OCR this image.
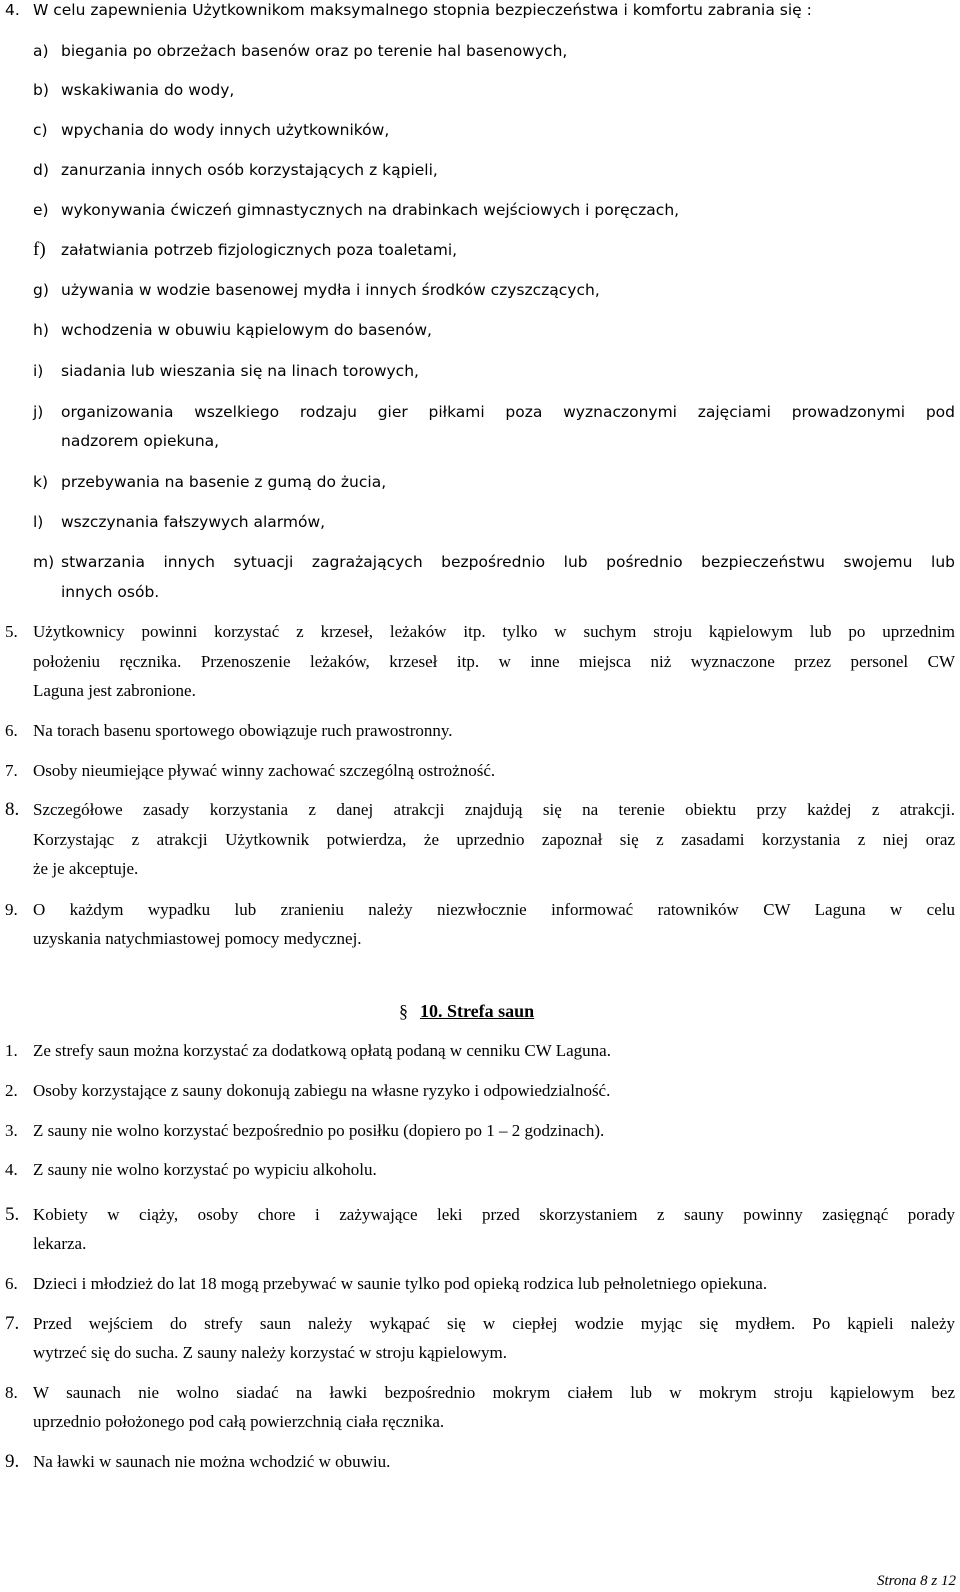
4. W celu zapewnienia Użytkownikom maksymalnego stopnia bezpieczeństwa i komfortu zabrania się :
a) biegania po obrzeżach basenów oraz po terenie hal basenowych,
b) wskakiwania do wody,
c) wpychania do wody innych użytkowników,
d) zanurzania innych osób korzystających z kąpieli,
e) wykonywania ćwiczeń gimnastycznych na drabinkach wejściowych i poręczach,
f) załatwiania potrzeb fizjologicznych poza toaletami,
g) używania w wodzie basenowej mydła i innych środków czyszczących,
h) wchodzenia w obuwiu kąpielowym do basenów,
i) siadania lub wieszania się na linach torowych,
j) organizowania wszelkiego rodzaju gier piłkami poza wyznaczonymi zajęciami prowadzonymi pod
nadzorem opiekuna,
k) przebywania na basenie z gumą do żucia,
l) wszczynania fałszywych alarmów,
m) stwarzania innych sytuacji zagrażających bezpośrednio lub pośrednio bezpieczeństwu swojemu lub
innych osób.
5. Użytkownicy powinni korzystać z krzeseł, leżaków itp. tylko w suchym stroju kąpielowym lub po uprzednim
położeniu ręcznika. Przenoszenie leżaków, krzeseł itp. w inne miejsca niż wyznaczone przez personel CW
Laguna jest zabronione.
6. Na torach basenu sportowego obowiązuje ruch prawostronny.
7. Osoby nieumiejące pływać winny zachować szczególną ostrożność.
8. Szczegółowe zasady korzystania z danej atrakcji znajdują się na terenie obiektu przy każdej z atrakcji.
Korzystając z atrakcji Użytkownik potwierdza, że uprzednio zapoznał się z zasadami korzystania z niej oraz
że je akceptuje.
9. O każdym wypadku lub zranieniu należy niezwłocznie informować ratowników CW Laguna w celu
uzyskania natychmiastowej pomocy medycznej.
§ 10. Strefa saun
1. Ze strefy saun można korzystać za dodatkową opłatą podaną w cenniku CW Laguna.
2. Osoby korzystające z sauny dokonują zabiegu na własne ryzyko i odpowiedzialność.
3. Z sauny nie wolno korzystać bezpośrednio po posiłku (dopiero po 1 – 2 godzinach).
4. Z sauny nie wolno korzystać po wypiciu alkoholu.
5. Kobiety w ciąży, osoby chore i zażywające leki przed skorzystaniem z sauny powinny zasięgnąć porady
lekarza.
6. Dzieci i młodzież do lat 18 mogą przebywać w saunie tylko pod opieką rodzica lub pełnoletniego opiekuna.
7. Przed wejściem do strefy saun należy wykąpać się w ciepłej wodzie myjąc się mydłem. Po kąpieli należy
wytrzeć się do sucha. Z sauny należy korzystać w stroju kąpielowym.
8. W saunach nie wolno siadać na ławki bezpośrednio mokrym ciałem lub w mokrym stroju kąpielowym bez
uprzednio położonego pod całą powierzchnią ciała ręcznika.
9. Na ławki w saunach nie można wchodzić w obuwiu.
Strona 8 z 12
